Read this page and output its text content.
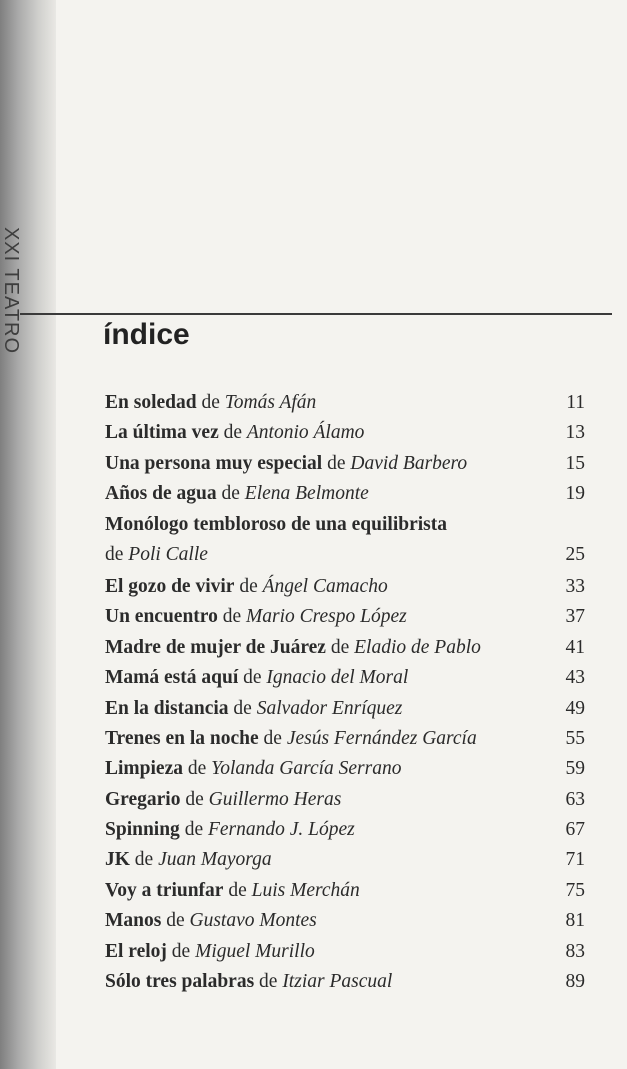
XXI TEATRO	índice
En soledad de Tomás Afán	11
La última vez de Antonio Álamo	13
Una persona muy especial de David Barbero	15
Años de agua de Elena Belmonte	19
Monólogo tembloroso de una equilibrista
de Poli Calle	25
El gozo de vivir de Ángel Camacho	33
Un encuentro de Mario Crespo López	37
Madre de mujer de Juárez de Eladio de Pablo	41
Mamá está aquí de Ignacio del Moral	43
En la distancia de Salvador Enríquez	49
Trenes en la noche de Jesús Fernández García	55
Limpieza de Yolanda García Serrano	59
Gregario de Guillermo Heras	63
Spinning de Fernando J. López	67
JK de Juan Mayorga	71
Voy a triunfar de Luis Merchán	75
Manos de Gustavo Montes	81
El reloj de Miguel Murillo	83
Sólo tres palabras de Itziar Pascual	89
